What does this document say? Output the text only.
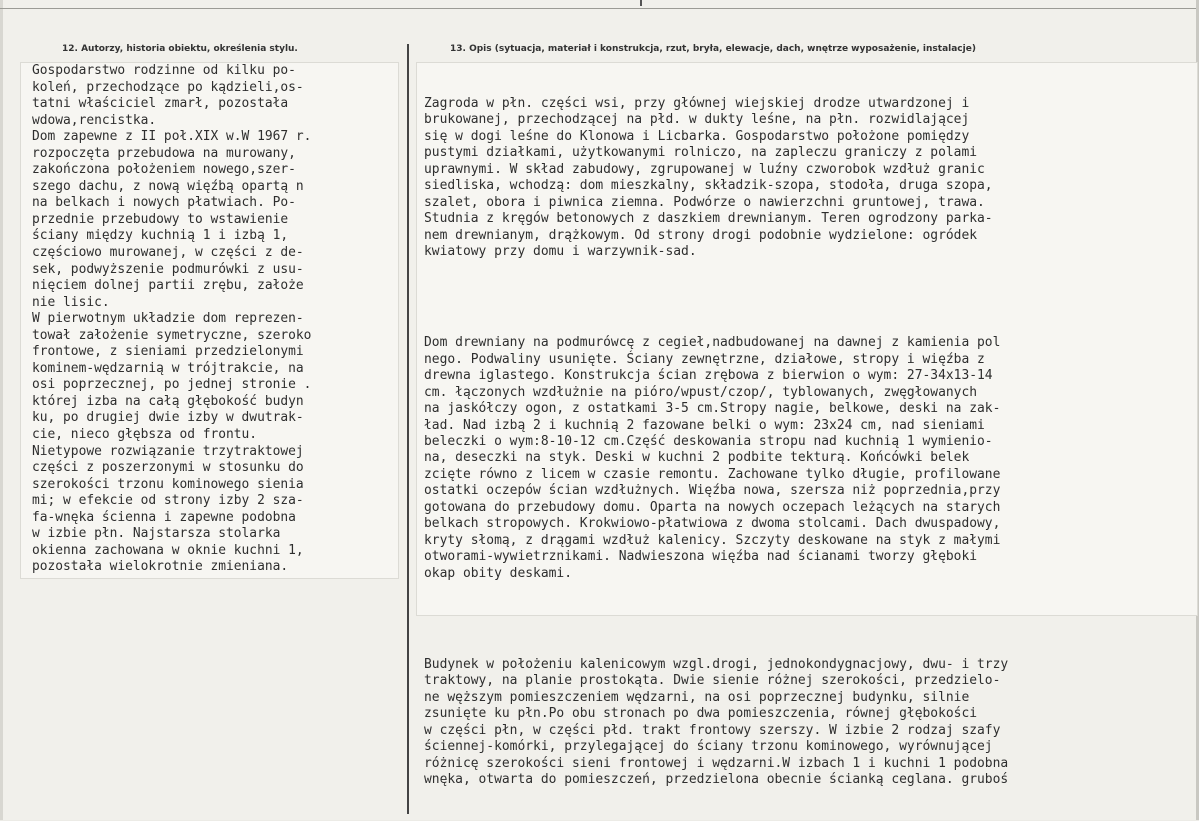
12. Autorzy, historia obiektu, określenia stylu.	13. Opis (sytuacja, materiał i konstrukcja, rzut, bryła, elewacje, dach, wnętrze wyposażenie, instalacje)
Gospodarstwo rodzinne od kilku po-
koleń, przechodzące po kądzieli,os-
tatni właściciel zmarł, pozostała
wdowa,rencistka.
Dom zapewne z II poł.XIX w.W 1967 r.
rozpoczęta przebudowa na murowany,
zakończona położeniem nowego,szer-
szego dachu, z nową więźbą opartą n
na belkach i nowych płatwiach. Po-
przednie przebudowy to wstawienie
ściany między kuchnią 1 i izbą 1,
częściowo murowanej, w części z de-
sek, podwyższenie podmurówki z usu-
nięciem dolnej partii zrębu, założe
nie lisic.
W pierwotnym układzie dom reprezen-
tował założenie symetryczne, szeroko
frontowe, z sieniami przedzielonymi
kominem-wędzarnią w trójtrakcie, na
osi poprzecznej, po jednej stronie .
której izba na całą głębokość budyn
ku, po drugiej dwie izby w dwutrak-
cie, nieco głębsza od frontu.
Nietypowe rozwiązanie trzytraktowej
części z poszerzonymi w stosunku do
szerokości trzonu kominowego sienia
mi; w efekcie od strony izby 2 sza-
fa-wnęka ścienna i zapewne podobna
w izbie płn. Najstarsza stolarka
okienna zachowana w oknie kuchni 1,
pozostała wielokrotnie zmieniana.

Zagroda w płn. części wsi, przy głównej wiejskiej drodze utwardzonej i
brukowanej, przechodzącej na płd. w dukty leśne, na płn. rozwidlającej
się w dogi leśne do Klonowa i Licbarka. Gospodarstwo położone pomiędzy
pustymi działkami, użytkowanymi rolniczo, na zapleczu graniczy z polami
uprawnymi. W skład zabudowy, zgrupowanej w luźny czworobok wzdłuż granic
siedliska, wchodzą: dom mieszkalny, składzik-szopa, stodoła, druga szopa,
szalet, obora i piwnica ziemna. Podwórze o nawierzchni gruntowej, trawa.
Studnia z kręgów betonowych z daszkiem drewnianym. Teren ogrodzony parka-
nem drewnianym, drążkowym. Od strony drogi podobnie wydzielone: ogródek
kwiatowy przy domu i warzywnik-sad.

Dom drewniany na podmurówcę z cegieł,nadbudowanej na dawnej z kamienia pol
nego. Podwaliny usunięte. Ściany zewnętrzne, działowe, stropy i więźba z
drewna iglastego. Konstrukcja ścian zrębowa z bierwion o wym: 27-34x13-14
cm. łączonych wzdłużnie na pióro/wpust/czop/, tyblowanych, zwęgłowanych
na jaskółczy ogon, z ostatkami 3-5 cm.Stropy nagie, belkowe, deski na zak-
ład. Nad izbą 2 i kuchnią 2 fazowane belki o wym: 23x24 cm, nad sieniami
beleczki o wym:8-10-12 cm.Część deskowania stropu nad kuchnią 1 wymieniо-
na, deseczki na styk. Deski w kuchni 2 podbite tekturą. Końcówki belek
zcięte równo z licem w czasie remontu. Zachowane tylko długie, profilowane
ostatki oczepów ścian wzdłużnych. Więźba nowa, szersza niż poprzednia,przy
gotowana do przebudowy domu. Oparta na nowych oczepach leżących na starych
belkach stropowych. Krokwiowo-płatwiowa z dwoma stolcami. Dach dwuspadowy,
kryty słomą, z drągami wzdłuż kalenicy. Szczyty deskowane na styk z małymi
otworami-wywietrznikami. Nadwieszona więźba nad ścianami tworzy głęboki
okap obity deskami.

Budynek w położeniu kalenicowym wzgl.drogi, jednokondygnacjowy, dwu- i trzy
traktowy, na planie prostokąta. Dwie sienie różnej szerokości, przedzielo-
ne węższym pomieszczeniem wędzarni, na osi poprzecznej budynku, silnie
zsunięte ku płn.Po obu stronach po dwa pomieszczenia, równej głębokości
w części płn, w części płd. trakt frontowy szerszy. W izbie 2 rodzaj szafy
ściennej-komórki, przylegającej do ściany trzonu kominowego, wyrównującej
różnicę szerokości sieni frontowej i wędzarni.W izbach 1 i kuchni 1 podobna
wnęka, otwarta do pomieszczeń, przedzielona obecnie ścianką ceglana. gruboś
